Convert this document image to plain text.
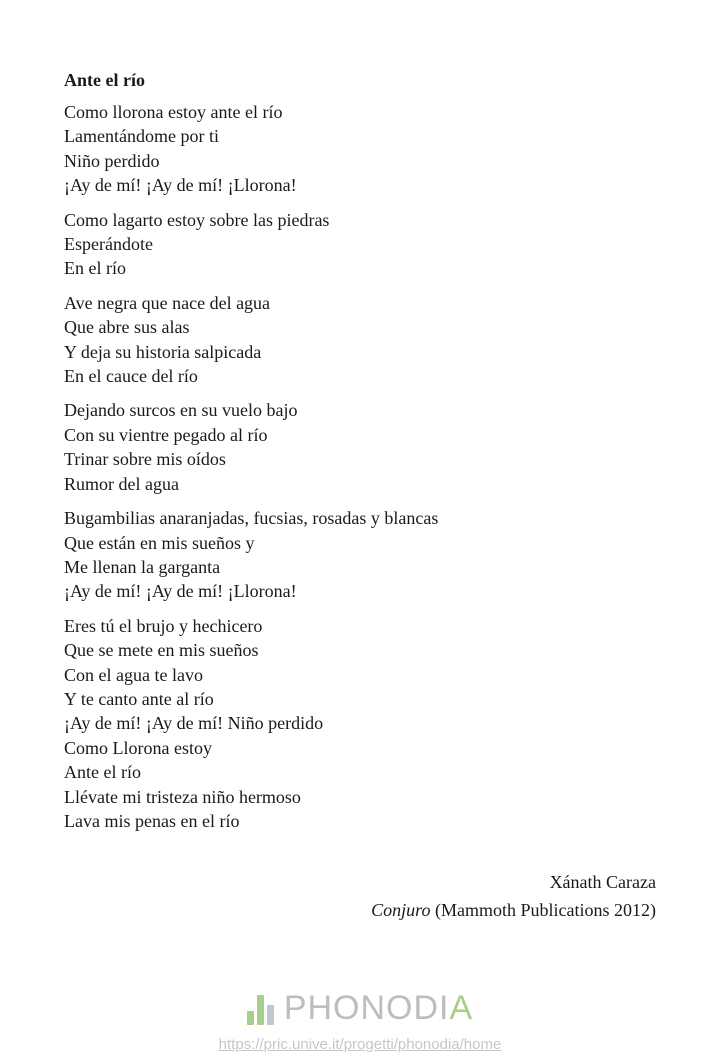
Ante el río
Como llorona estoy ante el río
Lamentándome por ti
Niño perdido
¡Ay de mí! ¡Ay de mí! ¡Llorona!
Como lagarto estoy sobre las piedras
Esperándote
En el río
Ave negra que nace del agua
Que abre sus alas
Y deja su historia salpicada
En el cauce del río
Dejando surcos en su vuelo bajo
Con su vientre pegado al río
Trinar sobre mis oídos
Rumor del agua
Bugambilias anaranjadas, fucsias, rosadas y blancas
Que están en mis sueños y
Me llenan la garganta
¡Ay de mí! ¡Ay de mí! ¡Llorona!
Eres tú el brujo y hechicero
Que se mete en mis sueños
Con el agua te lavo
Y te canto ante al río
¡Ay de mí! ¡Ay de mí! Niño perdido
Como Llorona estoy
Ante el río
Llévate mi tristeza niño hermoso
Lava mis penas en el río
Xánath Caraza
Conjuro (Mammoth Publications 2012)
PHONODIA
https://pric.unive.it/progetti/phonodia/home
